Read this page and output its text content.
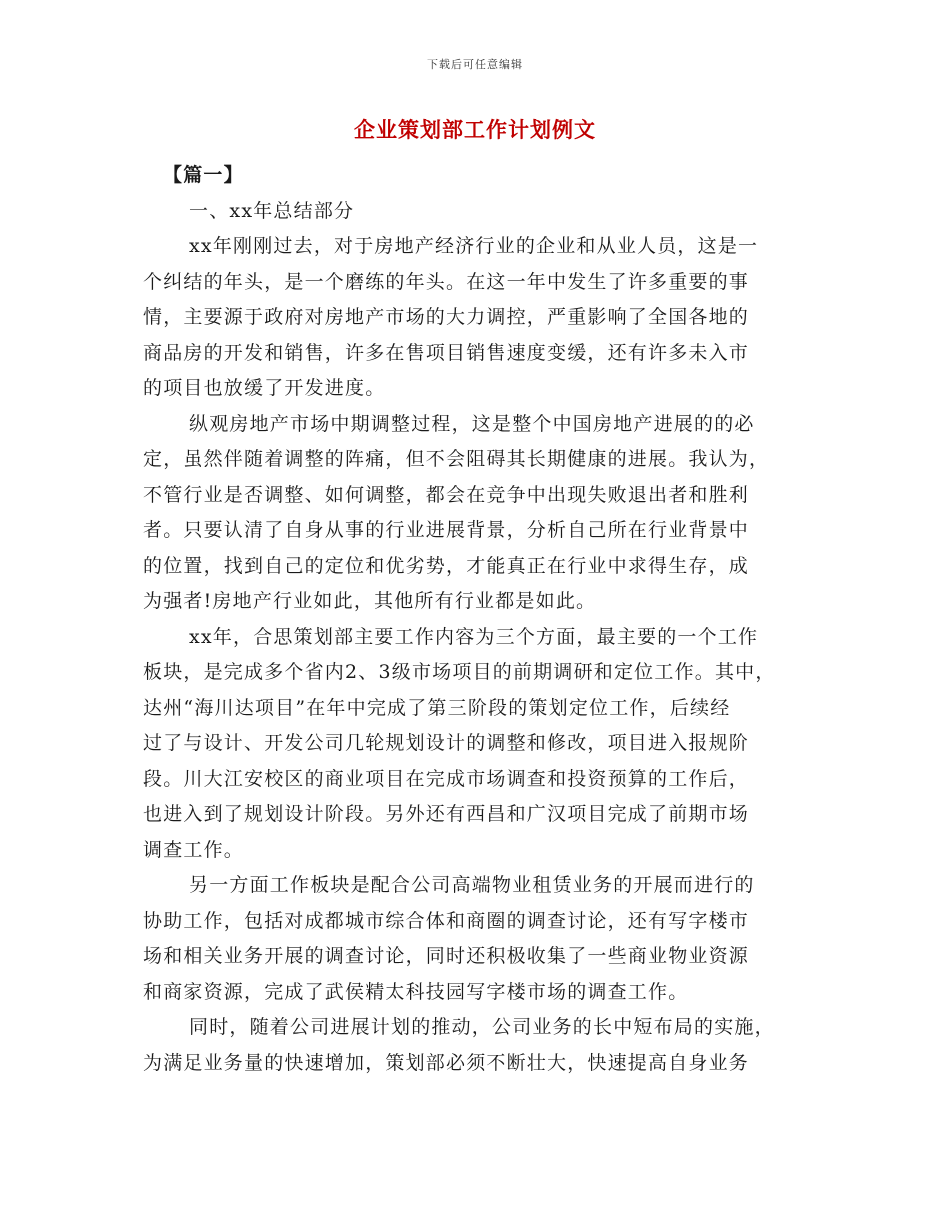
下载后可任意编辑
企业策划部工作计划例文
【篇一】
一、xx年总结部分
xx年刚刚过去，对于房地产经济行业的企业和从业人员，这是一
个纠结的年头，是一个磨练的年头。在这一年中发生了许多重要的事
情，主要源于政府对房地产市场的大力调控，严重影响了全国各地的
商品房的开发和销售，许多在售项目销售速度变缓，还有许多未入市
的项目也放缓了开发进度。
纵观房地产市场中期调整过程，这是整个中国房地产进展的的必
定，虽然伴随着调整的阵痛，但不会阻碍其长期健康的进展。我认为，
不管行业是否调整、如何调整，都会在竞争中出现失败退出者和胜利
者。只要认清了自身从事的行业进展背景，分析自己所在行业背景中
的位置，找到自己的定位和优劣势，才能真正在行业中求得生存，成
为强者!房地产行业如此，其他所有行业都是如此。
xx年，合思策划部主要工作内容为三个方面，最主要的一个工作
板块，是完成多个省内2、3级市场项目的前期调研和定位工作。其中，
达州“海川达项目”在年中完成了第三阶段的策划定位工作，后续经
过了与设计、开发公司几轮规划设计的调整和修改，项目进入报规阶
段。川大江安校区的商业项目在完成市场调查和投资预算的工作后，
也进入到了规划设计阶段。另外还有西昌和广汉项目完成了前期市场
调查工作。
另一方面工作板块是配合公司高端物业租赁业务的开展而进行的
协助工作，包括对成都城市综合体和商圈的调查讨论，还有写字楼市
场和相关业务开展的调查讨论，同时还积极收集了一些商业物业资源
和商家资源，完成了武侯精太科技园写字楼市场的调查工作。
同时，随着公司进展计划的推动，公司业务的长中短布局的实施，
为满足业务量的快速增加，策划部必须不断壮大，快速提高自身业务
